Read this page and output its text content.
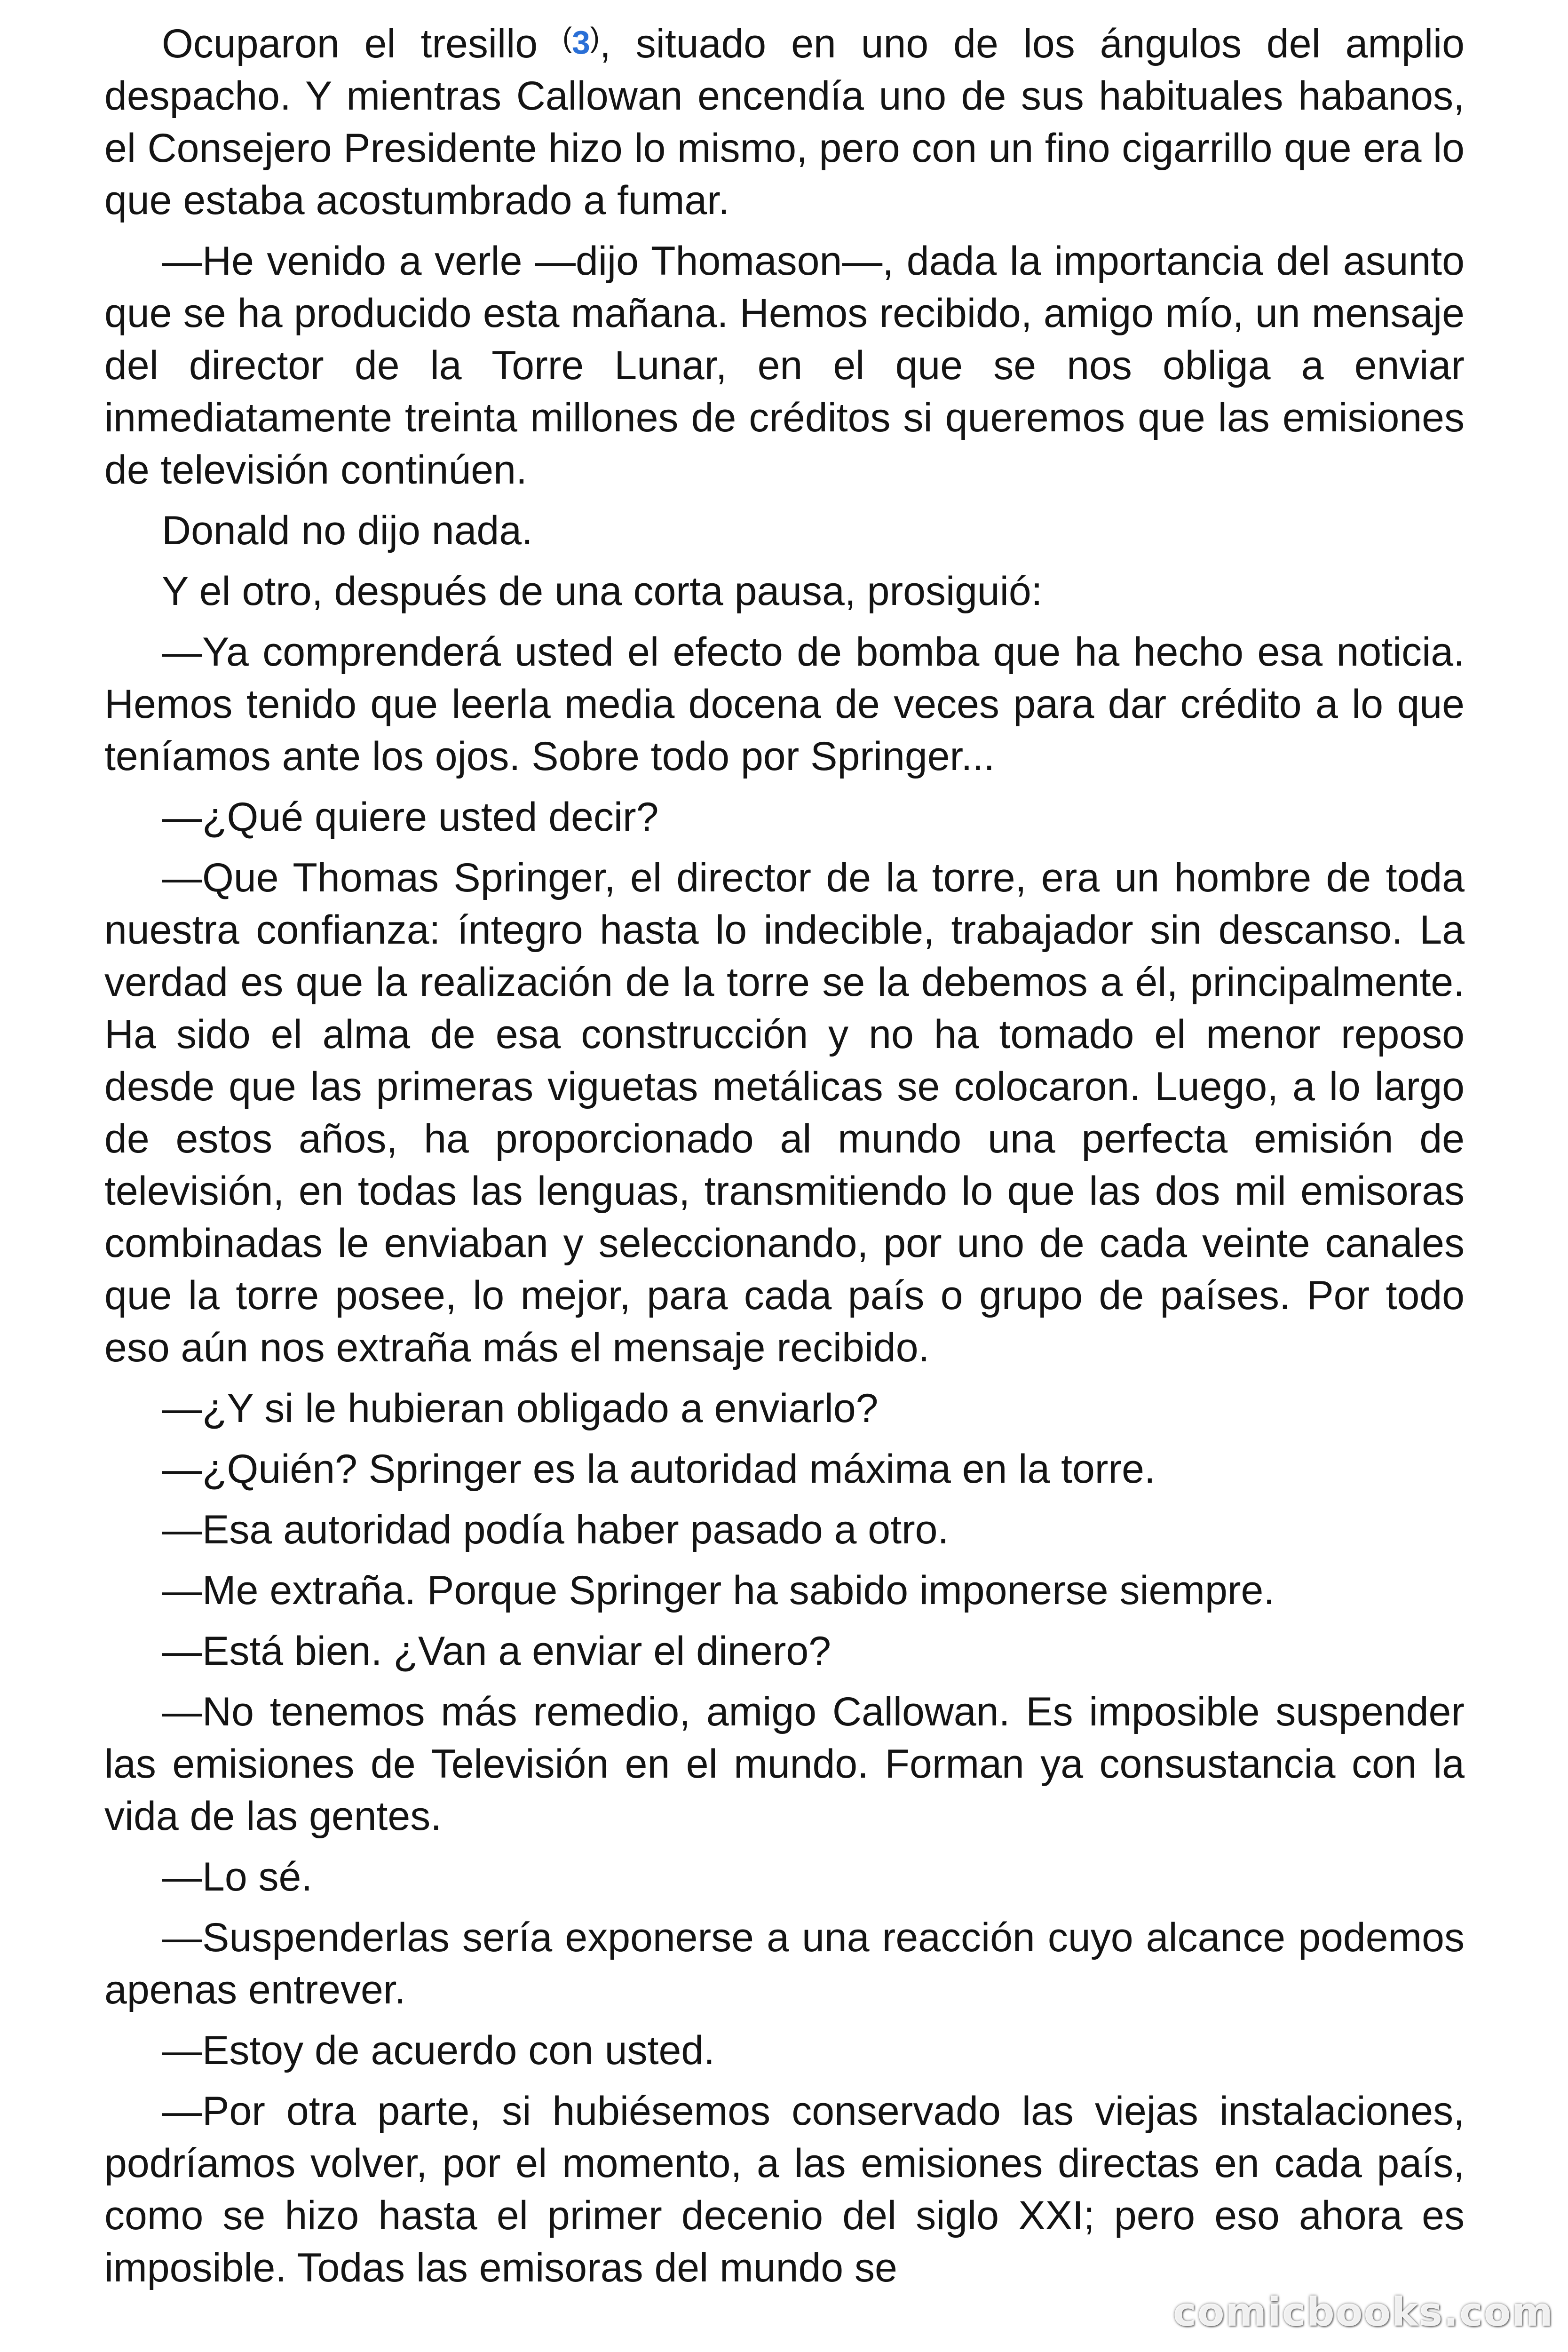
Ocuparon el tresillo (3), situado en uno de los ángulos del amplio despacho. Y mientras Callowan encendía uno de sus habituales habanos, el Consejero Presidente hizo lo mismo, pero con un fino cigarrillo que era lo que estaba acostumbrado a fumar.

—He venido a verle —dijo Thomason—, dada la importancia del asunto que se ha producido esta mañana. Hemos recibido, amigo mío, un mensaje del director de la Torre Lunar, en el que se nos obliga a enviar inmediatamente treinta millones de créditos si queremos que las emisiones de televisión continúen.

Donald no dijo nada.

Y el otro, después de una corta pausa, prosiguió:

—Ya comprenderá usted el efecto de bomba que ha hecho esa noticia. Hemos tenido que leerla media docena de veces para dar crédito a lo que teníamos ante los ojos. Sobre todo por Springer...

—¿Qué quiere usted decir?

—Que Thomas Springer, el director de la torre, era un hombre de toda nuestra confianza: íntegro hasta lo indecible, trabajador sin descanso. La verdad es que la realización de la torre se la debemos a él, principalmente. Ha sido el alma de esa construcción y no ha tomado el menor reposo desde que las primeras viguetas metálicas se colocaron. Luego, a lo largo de estos años, ha proporcionado al mundo una perfecta emisión de televisión, en todas las lenguas, transmitiendo lo que las dos mil emisoras combinadas le enviaban y seleccionando, por uno de cada veinte canales que la torre posee, lo mejor, para cada país o grupo de países. Por todo eso aún nos extraña más el mensaje recibido.

—¿Y si le hubieran obligado a enviarlo?

—¿Quién? Springer es la autoridad máxima en la torre.

—Esa autoridad podía haber pasado a otro.

—Me extraña. Porque Springer ha sabido imponerse siempre.

—Está bien. ¿Van a enviar el dinero?

—No tenemos más remedio, amigo Callowan. Es imposible suspender las emisiones de Televisión en el mundo. Forman ya consustancia con la vida de las gentes.

—Lo sé.

—Suspenderlas sería exponerse a una reacción cuyo alcance podemos apenas entrever.

—Estoy de acuerdo con usted.

—Por otra parte, si hubiésemos conservado las viejas instalaciones, podríamos volver, por el momento, a las emisiones directas en cada país, como se hizo hasta el primer decenio del siglo XXI; pero eso ahora es imposible. Todas las emisoras del mundo se

comicbooks.com
